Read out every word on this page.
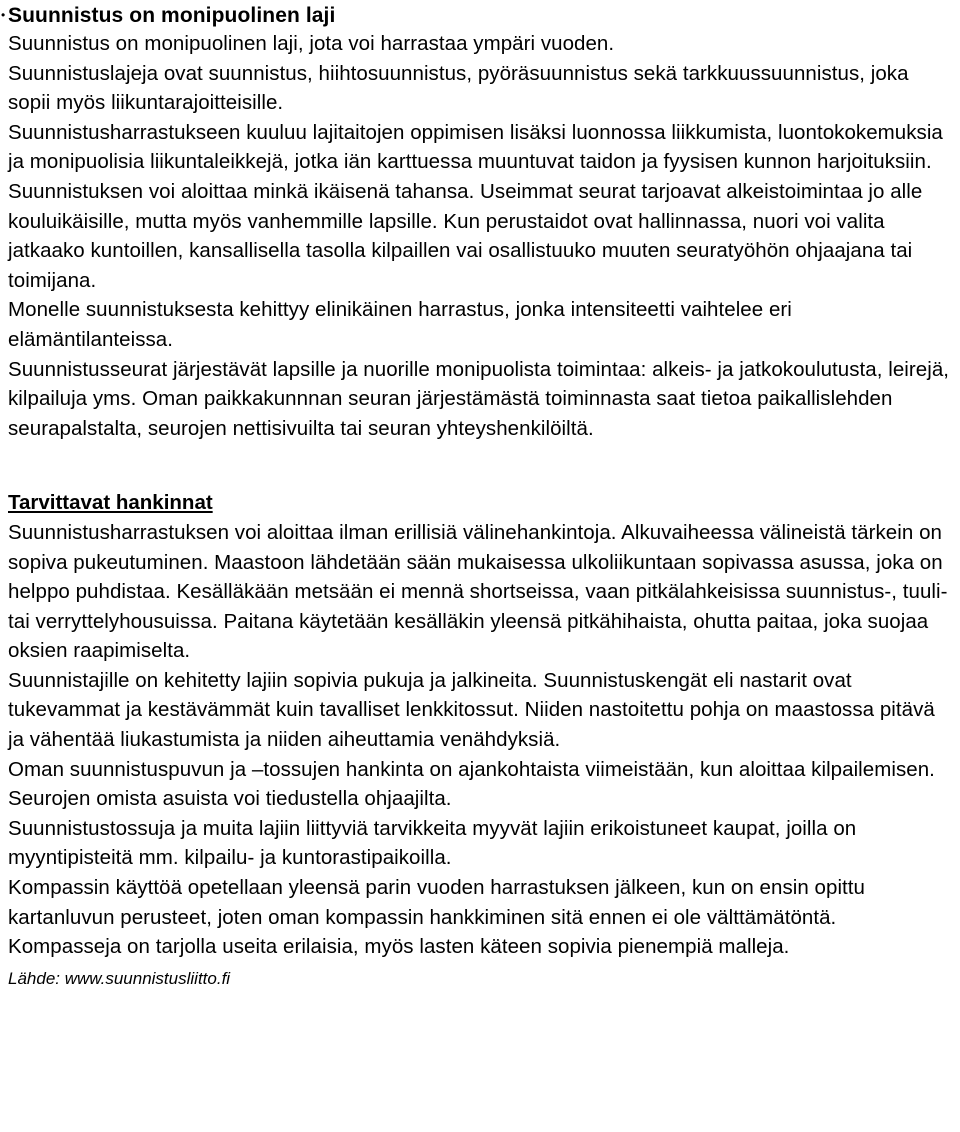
• Suunnistus on monipuolinen laji

Suunnistus on monipuolinen laji, jota voi harrastaa ympäri vuoden.

Suunnistuslajeja ovat suunnistus, hiihtosuunnistus, pyöräsuunnistus sekä tarkkuussuunnistus, joka sopii myös liikuntarajoitteisille.

Suunnistusharrastukseen kuuluu lajitaitojen oppimisen lisäksi luonnossa liikkumista, luontokokemuksia ja monipuolisia liikuntaleikkejä, jotka iän karttuessa muuntuvat taidon ja fyysisen kunnon harjoituksiin.

Suunnistuksen voi aloittaa minkä ikäisenä tahansa. Useimmat seurat tarjoavat alkeistoimintaa jo alle kouluikäisille, mutta myös vanhemmille lapsille. Kun perustaidot ovat hallinnassa, nuori voi valita jatkaako kuntoillen, kansallisella tasolla kilpaillen vai osallistuuko muuten seuratyöhön ohjaajana tai toimijana.

Monelle suunnistuksesta kehittyy elinikäinen harrastus, jonka intensiteetti vaihtelee eri elämäntilanteissa.

Suunnistusseurat järjestävät lapsille ja nuorille monipuolista toimintaa: alkeis- ja jatkokoulutusta, leirejä, kilpailuja yms. Oman paikkakunnnan seuran järjestämästä toiminnasta saat tietoa paikallislehden seurapalstalta, seurojen nettisivuilta tai seuran yhteyshenkilöiltä.

Tarvittavat hankinnat

Suunnistusharrastuksen voi aloittaa ilman erillisiä välinehankintoja. Alkuvaiheessa välineistä tärkein on sopiva pukeutuminen. Maastoon lähdetään sään mukaisessa ulkoliikuntaan sopivassa asussa, joka on helppo puhdistaa. Kesälläkään metsään ei mennä shortseissa, vaan pitkälahkeisissa suunnistus-, tuuli- tai verryttelyhousuissa. Paitana käytetään kesälläkin yleensä pitkähihaista, ohutta paitaa, joka suojaa oksien raapimiselta.

Suunnistajille on kehitetty lajiin sopivia pukuja ja jalkineita. Suunnistuskengät eli nastarit ovat tukevammat ja kestävämmät kuin tavalliset lenkkitossut. Niiden nastoitettu pohja on maastossa pitävä ja vähentää liukastumista ja niiden aiheuttamia venähdyksiä.

Oman suunnistuspuvun ja –tossujen hankinta on ajankohtaista viimeistään, kun aloittaa kilpailemisen. Seurojen omista asuista voi tiedustella ohjaajilta.

Suunnistustossuja ja muita lajiin liittyviä tarvikkeita myyvät lajiin erikoistuneet kaupat, joilla on myyntipisteitä mm. kilpailu- ja kuntorastipaikoilla.

Kompassin käyttöä opetellaan yleensä parin vuoden harrastuksen jälkeen, kun on ensin opittu kartanluvun perusteet, joten oman kompassin hankkiminen sitä ennen ei ole välttämätöntä. Kompasseja on tarjolla useita erilaisia, myös lasten käteen sopivia pienempiä malleja.

Lähde: www.suunnistusliitto.fi
